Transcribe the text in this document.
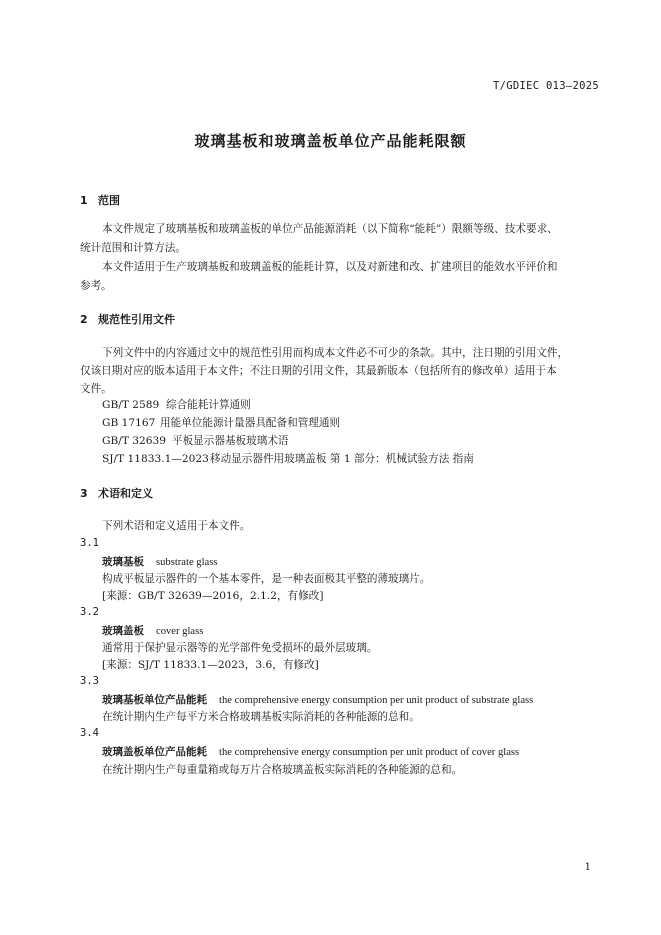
T/GDIEC 013—2025
玻璃基板和玻璃盖板单位产品能耗限额
1 范围
本文件规定了玻璃基板和玻璃盖板的单位产品能源消耗（以下简称“能耗”）限额等级、技术要求、
统计范围和计算方法。
本文件适用于生产玻璃基板和玻璃盖板的能耗计算，以及对新建和改、扩建项目的能效水平评价和
参考。
2 规范性引用文件
下列文件中的内容通过文中的规范性引用而构成本文件必不可少的条款。其中，注日期的引用文件，
仅该日期对应的版本适用于本文件；不注日期的引用文件，其最新版本（包括所有的修改单）适用于本
文件。
GB/T 2589 综合能耗计算通则
GB 17167 用能单位能源计量器具配备和管理通则
GB/T 32639 平板显示器基板玻璃术语
SJ/T 11833.1—2023移动显示器件用玻璃盖板 第 1 部分：机械试验方法 指南
3 术语和定义
下列术语和定义适用于本文件。
3.1
玻璃基板 substrate glass
构成平板显示器件的一个基本零件，是一种表面极其平整的薄玻璃片。
[来源：GB/T 32639—2016，2.1.2，有修改]
3.2
玻璃盖板 cover glass
通常用于保护显示器等的光学部件免受损坏的最外层玻璃。
[来源：SJ/T 11833.1—2023，3.6，有修改]
3.3
玻璃基板单位产品能耗 the comprehensive energy consumption per unit product of substrate glass
在统计期内生产每平方米合格玻璃基板实际消耗的各种能源的总和。
3.4
玻璃盖板单位产品能耗 the comprehensive energy consumption per unit product of cover glass
在统计期内生产每重量箱或每万片合格玻璃盖板实际消耗的各种能源的总和。
1
